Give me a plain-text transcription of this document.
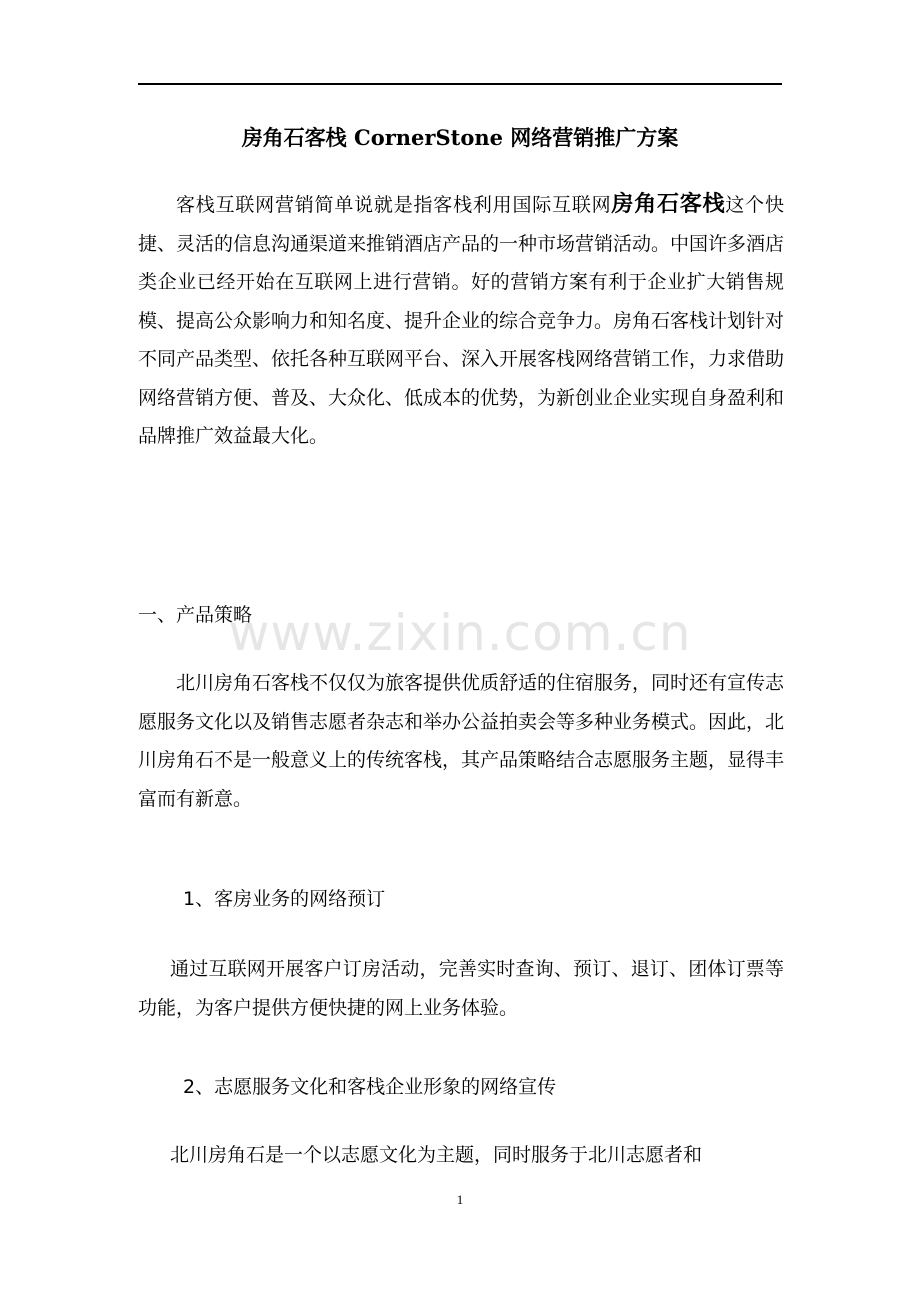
房角石客栈 CornerStone 网络营销推广方案

客栈互联网营销简单说就是指客栈利用国际互联网房角石客栈这个快捷、灵活的信息沟通渠道来推销酒店产品的一种市场营销活动。中国许多酒店类企业已经开始在互联网上进行营销。好的营销方案有利于企业扩大销售规模、提高公众影响力和知名度、提升企业的综合竞争力。房角石客栈计划针对不同产品类型、依托各种互联网平台、深入开展客栈网络营销工作，力求借助网络营销方便、普及、大众化、低成本的优势，为新创业企业实现自身盈利和品牌推广效益最大化。

一、产品策略

北川房角石客栈不仅仅为旅客提供优质舒适的住宿服务，同时还有宣传志愿服务文化以及销售志愿者杂志和举办公益拍卖会等多种业务模式。因此，北川房角石不是一般意义上的传统客栈，其产品策略结合志愿服务主题，显得丰富而有新意。

1、客房业务的网络预订

通过互联网开展客户订房活动，完善实时查询、预订、退订、团体订票等功能，为客户提供方便快捷的网上业务体验。

2、志愿服务文化和客栈企业形象的网络宣传

北川房角石是一个以志愿文化为主题，同时服务于北川志愿者和

www.zixin.com.cn
1
